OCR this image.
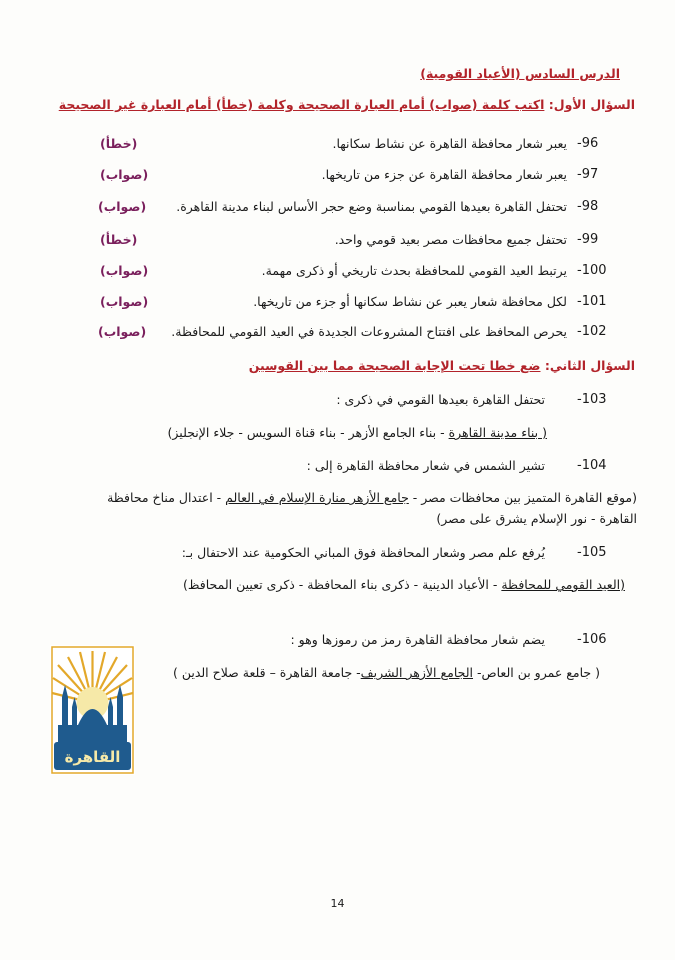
الدرس السادس (الأعياد القومية)
السؤال الأول: اكتب كلمة (صواب) أمام العبارة الصحيحة وكلمة (خطأ) أمام العبارة غير الصحيحة
-96
يعبر شعار محافظة القاهرة عن نشاط سكانها.
(خطأ)
-97
يعبر شعار محافظة القاهرة عن جزء من تاريخها.
(صواب)
-98
تحتفل القاهرة بعيدها القومي بمناسبة وضع حجر الأساس لبناء مدينة القاهرة.
(صواب)
-99
تحتفل جميع محافظات مصر بعيد قومي واحد.
(خطأ)
-100
يرتبط العيد القومي للمحافظة بحدث تاريخي أو ذكرى مهمة.
(صواب)
-101
لكل محافظة شعار يعبر عن نشاط سكانها أو جزء من تاريخها.
(صواب)
-102
يحرص المحافظ على افتتاح المشروعات الجديدة في العيد القومي للمحافظة.
(صواب)
السؤال الثاني: ضع خطا تحت الإجابة الصحيحة مما بين القوسين
-103
تحتفل القاهرة بعيدها القومي في ذكرى :
( بناء مدينة القاهرة - بناء الجامع الأزهر - بناء قناة السويس - جلاء الإنجليز)
-104
تشير الشمس في شعار محافظة القاهرة إلى :
(موقع القاهرة المتميز بين محافظات مصر - جامع الأزهر منارة الإسلام في العالم - اعتدال مناخ محافظة
القاهرة - نور الإسلام يشرق على مصر)
-105
يُرفع علم مصر وشعار المحافظة فوق المباني الحكومية عند الاحتفال بـ:
(العيد القومي للمحافظة - الأعياد الدينية - ذكرى بناء المحافظة - ذكرى تعيين المحافظ)
-106
يضم شعار محافظة القاهرة رمز من رموزها وهو :
( جامع عمرو بن العاص- الجامع الأزهر الشريف- جامعة القاهرة – قلعة صلاح الدين )
القاهرة
14
